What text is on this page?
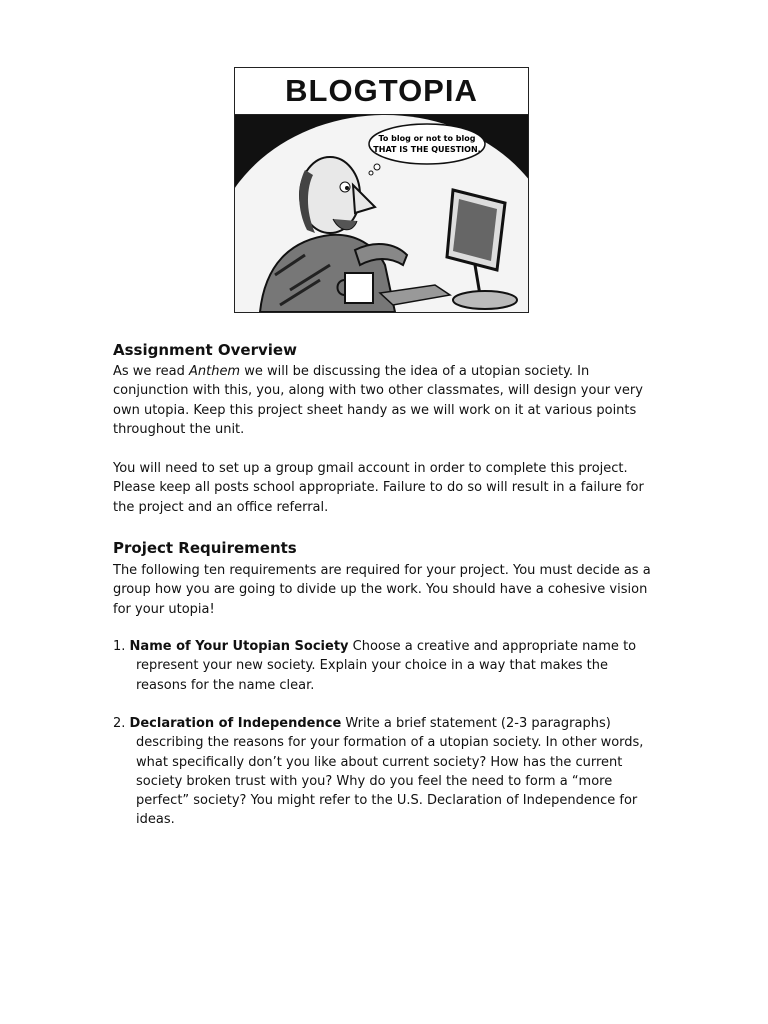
BLOGTOPIA
To blog or not to blog
THAT IS THE QUESTION.
Assignment Overview

As we read Anthem we will be discussing the idea of a utopian society. In conjunction with this, you, along with two other classmates, will design your very own utopia. Keep this project sheet handy as we will work on it at various points throughout the unit.

You will need to set up a group gmail account in order to complete this project. Please keep all posts school appropriate. Failure to do so will result in a failure for the project and an office referral.

Project Requirements

The following ten requirements are required for your project. You must decide as a group how you are going to divide up the work. You should have a cohesive vision for your utopia!

1. Name of Your Utopian Society Choose a creative and appropriate name to represent your new society. Explain your choice in a way that makes the reasons for the name clear.

2. Declaration of Independence Write a brief statement (2-3 paragraphs) describing the reasons for your formation of a utopian society. In other words, what specifically don’t you like about current society? How has the current society broken trust with you? Why do you feel the need to form a “more perfect” society? You might refer to the U.S. Declaration of Independence for ideas.
